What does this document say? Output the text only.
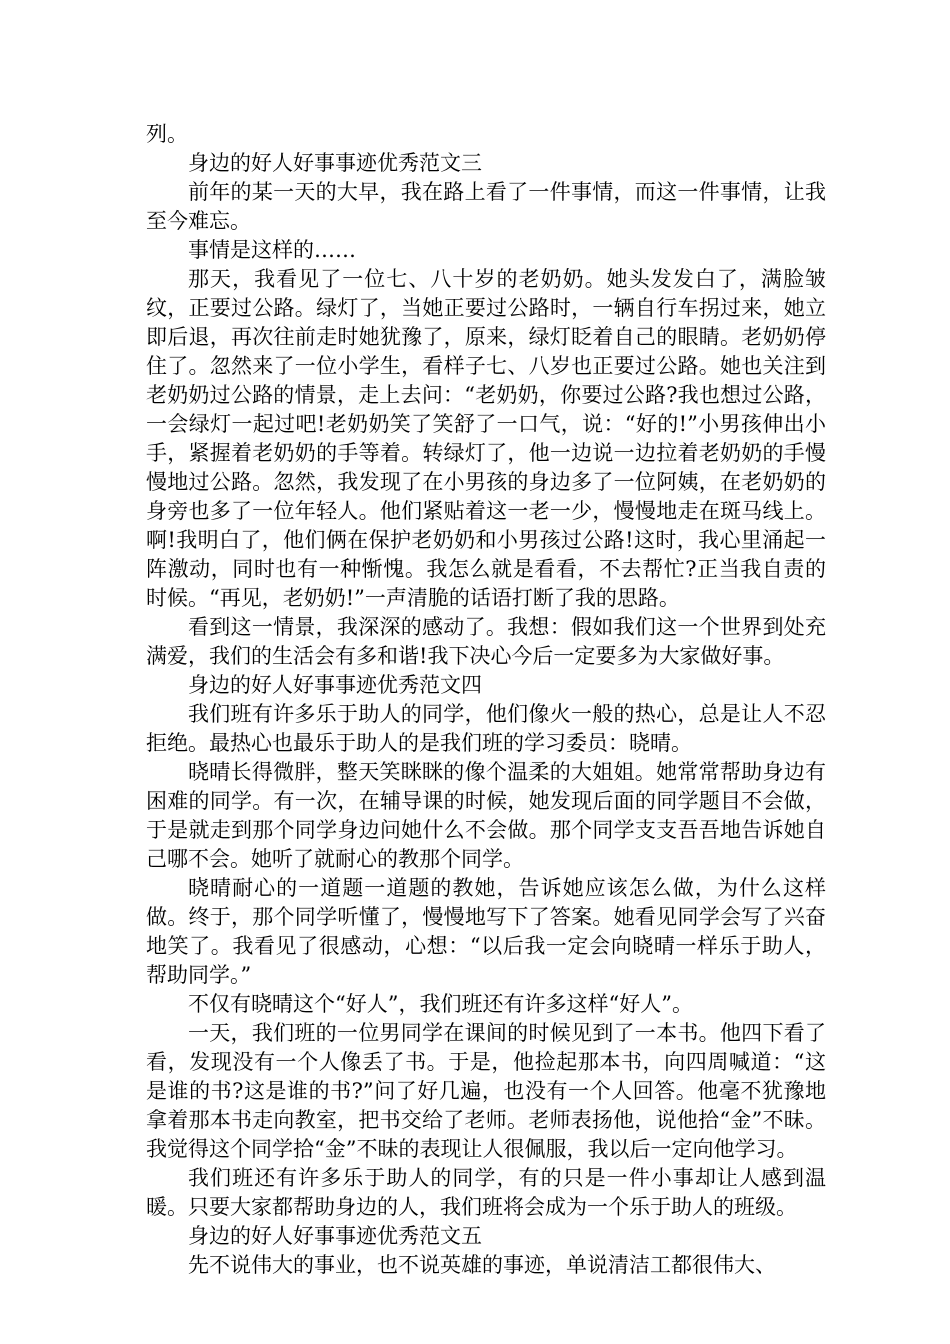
列。

身边的好人好事事迹优秀范文三

前年的某一天的大早，我在路上看了一件事情，而这一件事情，让我至今难忘。

事情是这样的……

那天，我看见了一位七、八十岁的老奶奶。她头发发白了，满脸皱纹，正要过公路。绿灯了，当她正要过公路时，一辆自行车拐过来，她立即后退，再次往前走时她犹豫了，原来，绿灯眨着自己的眼睛。老奶奶停住了。忽然来了一位小学生，看样子七、八岁也正要过公路。她也关注到老奶奶过公路的情景，走上去问：“老奶奶，你要过公路?我也想过公路，一会绿灯一起过吧!老奶奶笑了笑舒了一口气，说：“好的!”小男孩伸出小手，紧握着老奶奶的手等着。转绿灯了，他一边说一边拉着老奶奶的手慢慢地过公路。忽然，我发现了在小男孩的身边多了一位阿姨，在老奶奶的身旁也多了一位年轻人。他们紧贴着这一老一少，慢慢地走在斑马线上。啊!我明白了，他们俩在保护老奶奶和小男孩过公路!这时，我心里涌起一阵激动，同时也有一种惭愧。我怎么就是看看，不去帮忙?正当我自责的时候。“再见，老奶奶!”一声清脆的话语打断了我的思路。

看到这一情景，我深深的感动了。我想：假如我们这一个世界到处充满爱，我们的生活会有多和谐!我下决心今后一定要多为大家做好事。

身边的好人好事事迹优秀范文四

我们班有许多乐于助人的同学，他们像火一般的热心，总是让人不忍拒绝。最热心也最乐于助人的是我们班的学习委员：晓晴。

晓晴长得微胖，整天笑眯眯的像个温柔的大姐姐。她常常帮助身边有困难的同学。有一次，在辅导课的时候，她发现后面的同学题目不会做，于是就走到那个同学身边问她什么不会做。那个同学支支吾吾地告诉她自己哪不会。她听了就耐心的教那个同学。

晓晴耐心的一道题一道题的教她，告诉她应该怎么做，为什么这样做。终于，那个同学听懂了，慢慢地写下了答案。她看见同学会写了兴奋地笑了。我看见了很感动，心想：“以后我一定会向晓晴一样乐于助人，帮助同学。”

不仅有晓晴这个“好人”，我们班还有许多这样“好人”。

一天，我们班的一位男同学在课间的时候见到了一本书。他四下看了看，发现没有一个人像丢了书。于是，他捡起那本书，向四周喊道：“这是谁的书?这是谁的书?”问了好几遍，也没有一个人回答。他毫不犹豫地拿着那本书走向教室，把书交给了老师。老师表扬他，说他拾“金”不昧。我觉得这个同学拾“金”不昧的表现让人很佩服，我以后一定向他学习。

我们班还有许多乐于助人的同学，有的只是一件小事却让人感到温暖。只要大家都帮助身边的人，我们班将会成为一个乐于助人的班级。

身边的好人好事事迹优秀范文五

先不说伟大的事业，也不说英雄的事迹，单说清洁工都很伟大、
